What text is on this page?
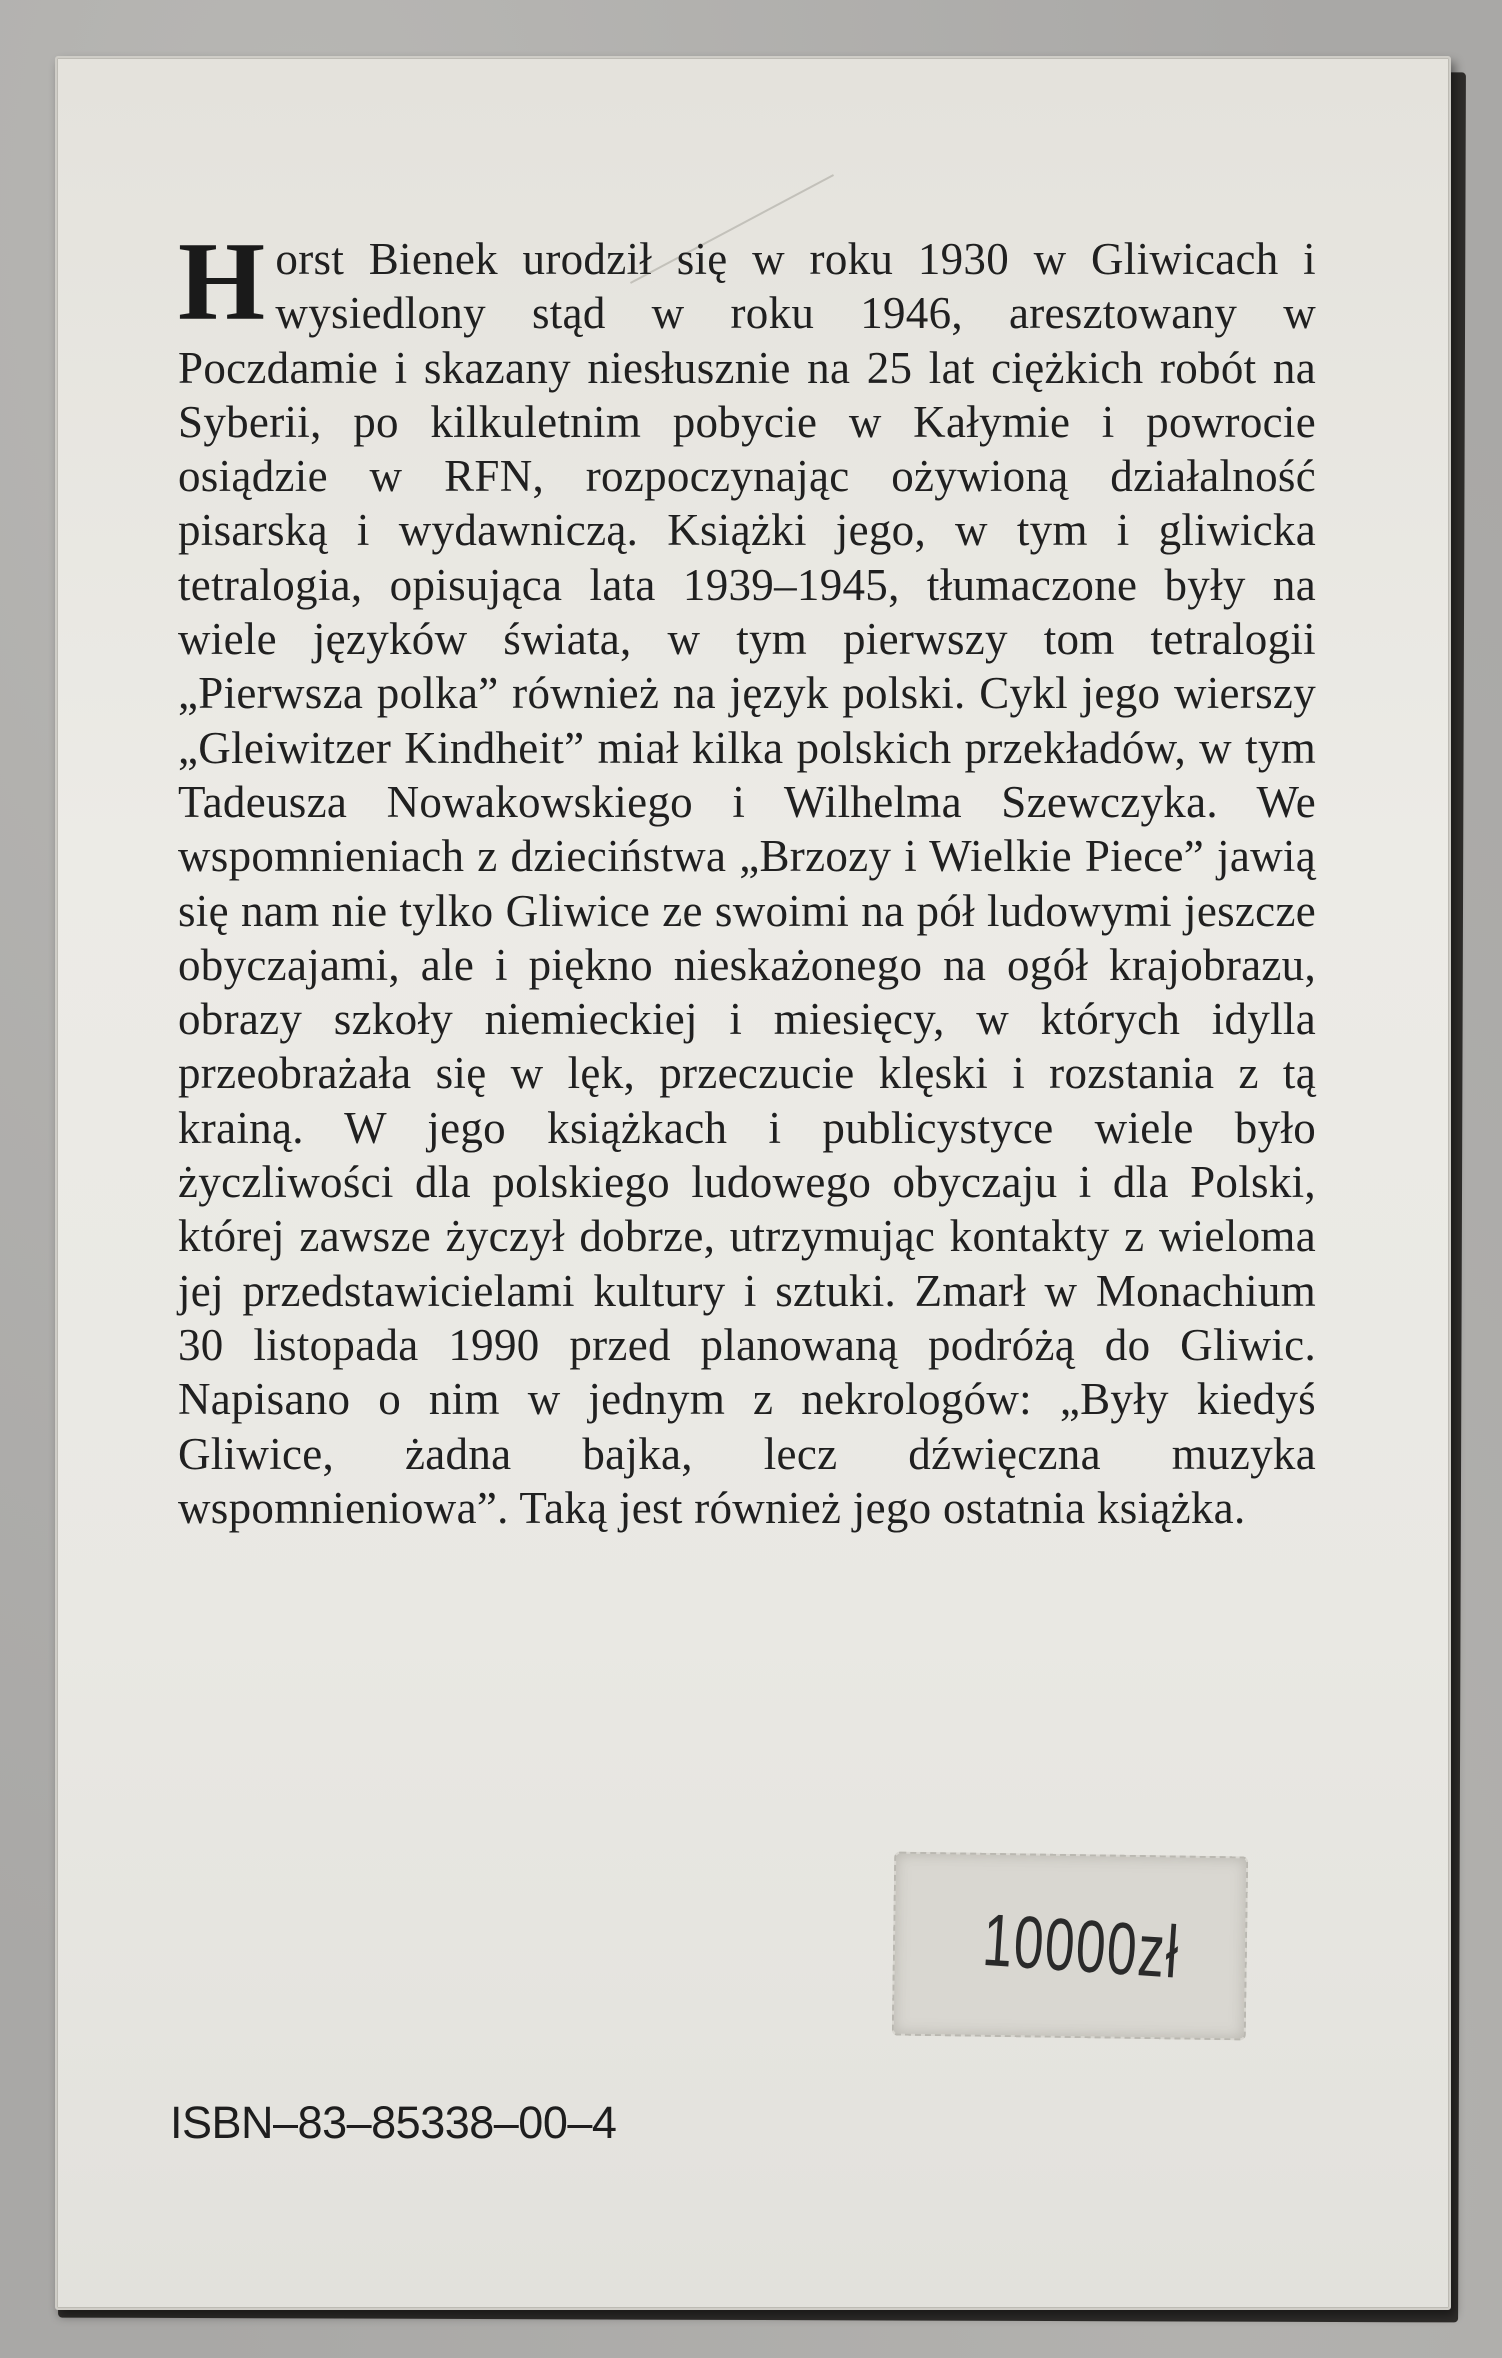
Horst Bienek urodził się w roku 1930 w Gliwicach i wysiedlony stąd w roku 1946, aresztowany w Poczdamie i skazany niesłusznie na 25 lat ciężkich robót na Syberii, po kilkuletnim pobycie w Kałymie i powrocie osiądzie w RFN, rozpoczynając ożywioną działalność pisarską i wydawniczą. Książki jego, w tym i gliwicka tetralogia, opisująca lata 1939–1945, tłumaczone były na wiele języków świata, w tym pierwszy tom tetralogii „Pierwsza polka” również na język polski. Cykl jego wierszy „Gleiwitzer Kindheit” miał kilka polskich przekładów, w tym Tadeusza Nowakowskiego i Wilhelma Szewczyka. We wspomnieniach z dzieciństwa „Brzozy i Wielkie Piece” jawią się nam nie tylko Gliwice ze swoimi na pół ludowymi jeszcze obyczajami, ale i piękno nieskażonego na ogół krajobrazu, obrazy szkoły niemieckiej i miesięcy, w których idylla przeobrażała się w lęk, przeczucie klęski i rozstania z tą krainą. W jego książkach i publicystyce wiele było życzliwości dla polskiego ludowego obyczaju i dla Polski, której zawsze życzył dobrze, utrzymując kontakty z wieloma jej przedstawicielami kultury i sztuki. Zmarł w Monachium 30 listopada 1990 przed planowaną podróżą do Gliwic. Napisano o nim w jednym z nekrologów: „Były kiedyś Gliwice, żadna bajka, lecz dźwięczna muzyka wspomnieniowa”. Taką jest również jego ostatnia książka.
10000zł
ISBN–83–85338–00–4
